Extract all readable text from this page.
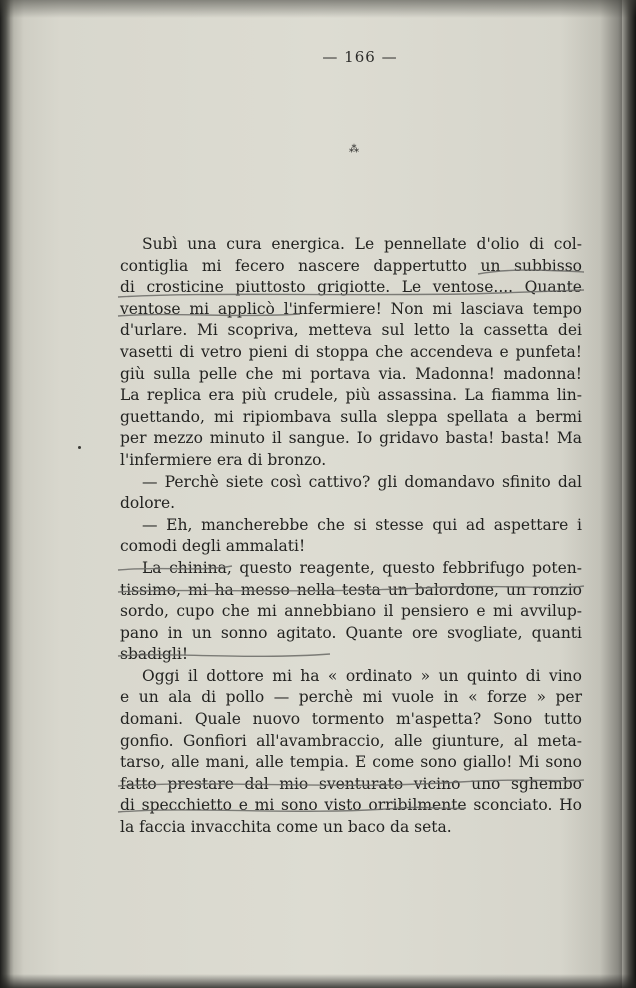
— 166 —
⁂
Subì una cura energica. Le pennellate d'olio di col-
contiglia mi fecero nascere dappertutto un subbisso
di crosticine piuttosto grigiotte. Le ventose.... Quante
ventose mi applicò l'infermiere! Non mi lasciava tempo
d'urlare. Mi scopriva, metteva sul letto la cassetta dei
vasetti di vetro pieni di stoppa che accendeva e punfeta!
giù sulla pelle che mi portava via. Madonna! madonna!
La replica era più crudele, più assassina. La fiamma lin-
guettando, mi ripiombava sulla sleppa spellata a bermi
per mezzo minuto il sangue. Io gridavo basta! basta! Ma
l'infermiere era di bronzo.
— Perchè siete così cattivo? gli domandavo sfinito dal
dolore.
— Eh, mancherebbe che si stesse qui ad aspettare i
comodi degli ammalati!
La chinina, questo reagente, questo febbrifugo poten-
tissimo, mi ha messo nella testa un balordone, un ronzio
sordo, cupo che mi annebbiano il pensiero e mi avvilup-
pano in un sonno agitato. Quante ore svogliate, quanti
sbadigli!
Oggi il dottore mi ha « ordinato » un quinto di vino
e un ala di pollo — perchè mi vuole in « forze » per
domani. Quale nuovo tormento m'aspetta? Sono tutto
gonfio. Gonfiori all'avambraccio, alle giunture, al meta-
tarso, alle mani, alle tempia. E come sono giallo! Mi sono
fatto prestare dal mio sventurato vicino uno sghembo
di specchietto e mi sono visto orribilmente sconciato. Ho
la faccia invacchita come un baco da seta.
